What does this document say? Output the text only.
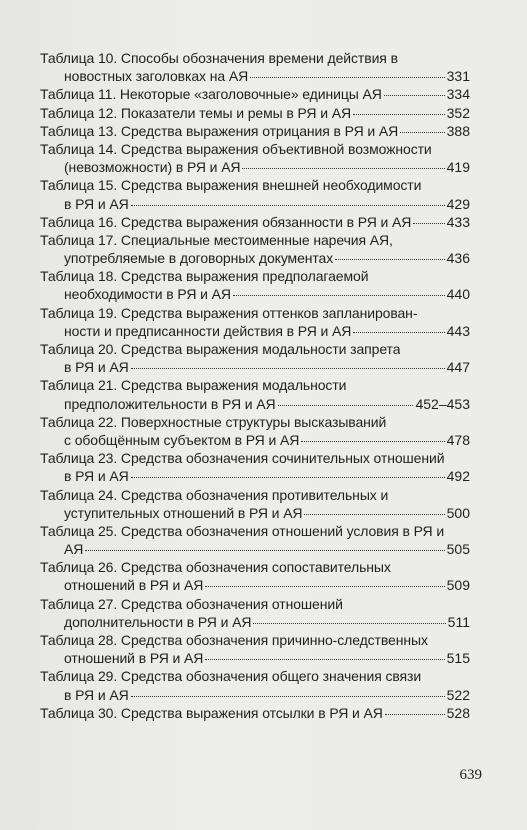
Таблица 10. Способы обозначения времени действия в
новостных заголовках на АЯ	331
Таблица 11. Некоторые «заголовочные» единицы АЯ	334
Таблица 12. Показатели темы и ремы в РЯ и АЯ	352
Таблица 13. Средства выражения отрицания в РЯ и АЯ	388
Таблица 14. Средства выражения объективной возможности
(невозможности) в РЯ и АЯ	419
Таблица 15. Средства выражения внешней необходимости
в РЯ и АЯ	429
Таблица 16. Средства выражения обязанности в РЯ и АЯ	433
Таблица 17. Специальные местоименные наречия АЯ,
употребляемые в договорных документах	436
Таблица 18. Средства выражения предполагаемой
необходимости в РЯ и АЯ	440
Таблица 19. Средства выражения оттенков запланирован-
ности и предписанности действия в РЯ и АЯ	443
Таблица 20. Средства выражения модальности запрета
в РЯ и АЯ	447
Таблица 21. Средства выражения модальности
предположительности в РЯ и АЯ	452–453
Таблица 22. Поверхностные структуры высказываний
с обобщённым субъектом в РЯ и АЯ	478
Таблица 23. Средства обозначения сочинительных отношений
в РЯ и АЯ	492
Таблица 24. Средства обозначения противительных и
уступительных отношений в РЯ и АЯ	500
Таблица 25. Средства обозначения отношений условия в РЯ и
АЯ	505
Таблица 26. Средства обозначения сопоставительных
отношений в РЯ и АЯ	509
Таблица 27. Средства обозначения отношений
дополнительности в РЯ и АЯ	511
Таблица 28. Средства обозначения причинно-следственных
отношений в РЯ и АЯ	515
Таблица 29. Средства обозначения общего значения связи
в РЯ и АЯ	522
Таблица 30. Средства выражения отсылки в РЯ и АЯ	528
639
